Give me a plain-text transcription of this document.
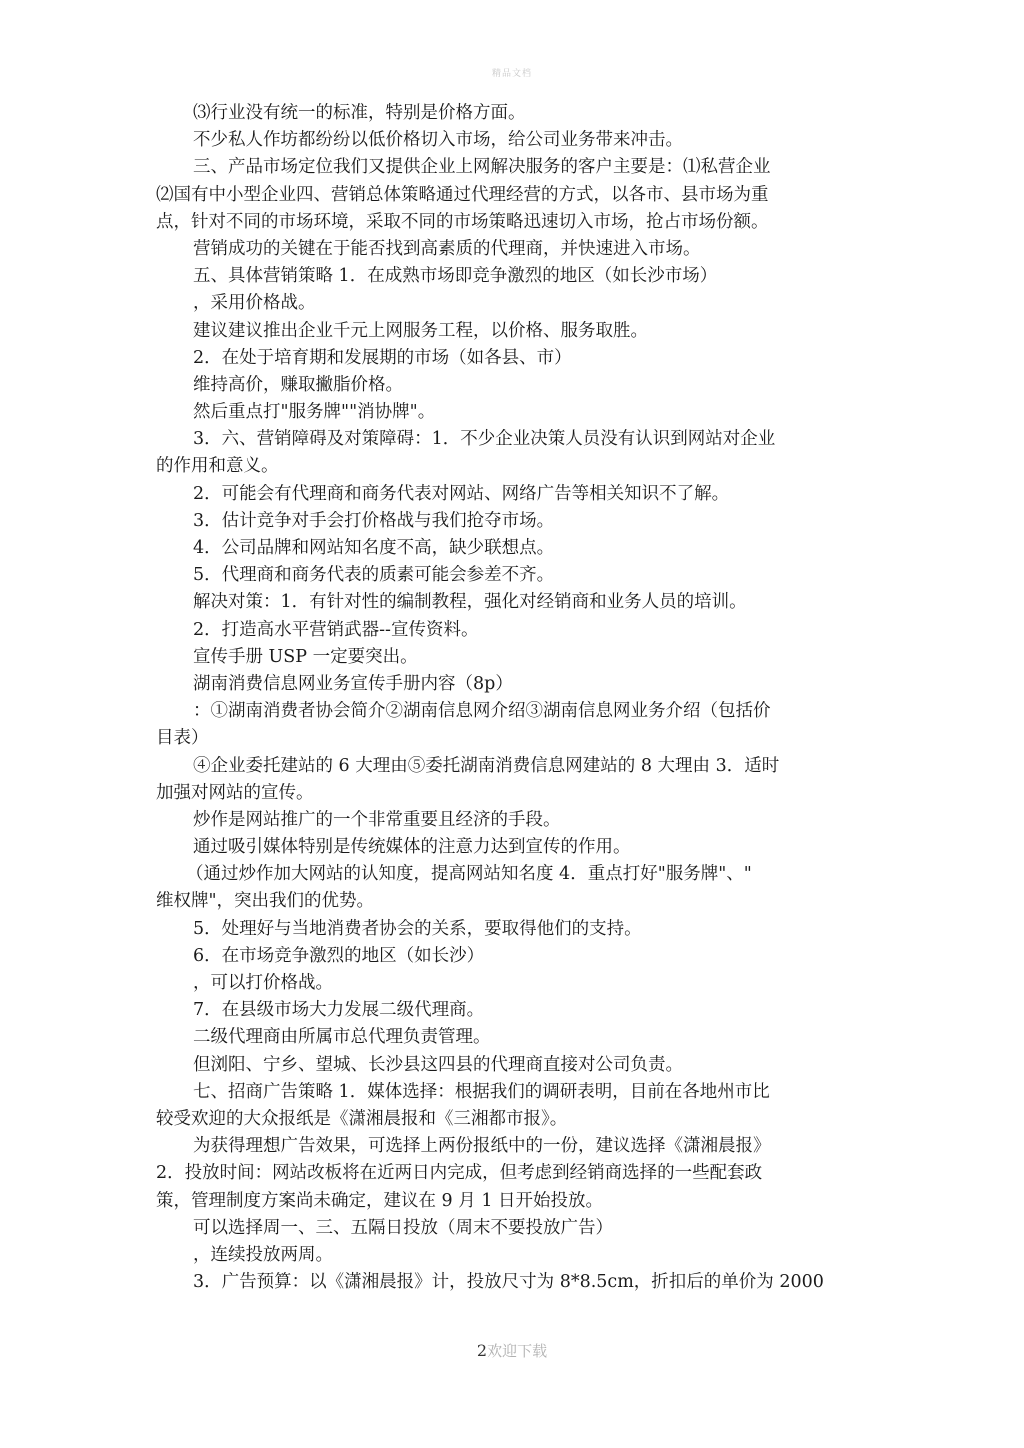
精品文档
⑶行业没有统一的标准，特别是价格方面。
不少私人作坊都纷纷以低价格切入市场，给公司业务带来冲击。
三、产品市场定位我们又提供企业上网解决服务的客户主要是：⑴私营企业
⑵国有中小型企业四、营销总体策略通过代理经营的方式，以各市、县市场为重
点，针对不同的市场环境，采取不同的市场策略迅速切入市场，抢占市场份额。
营销成功的关键在于能否找到高素质的代理商，并快速进入市场。
五、具体营销策略 1．在成熟市场即竞争激烈的地区（如长沙市场）
，采用价格战。
建议建议推出企业千元上网服务工程，以价格、服务取胜。
2．在处于培育期和发展期的市场（如各县、市）
维持高价，赚取撇脂价格。
然后重点打"服务牌""消协牌"。
3．六、营销障碍及对策障碍：1．不少企业决策人员没有认识到网站对企业
的作用和意义。
2．可能会有代理商和商务代表对网站、网络广告等相关知识不了解。
3．估计竞争对手会打价格战与我们抢夺市场。
4．公司品牌和网站知名度不高，缺少联想点。
5．代理商和商务代表的质素可能会参差不齐。
解决对策：1．有针对性的编制教程，强化对经销商和业务人员的培训。
2．打造高水平营销武器--宣传资料。
宣传手册 USP 一定要突出。
湖南消费信息网业务宣传手册内容（8p）
：①湖南消费者协会简介②湖南信息网介绍③湖南信息网业务介绍（包括价
目表）
④企业委托建站的 6 大理由⑤委托湖南消费信息网建站的 8 大理由 3．适时
加强对网站的宣传。
炒作是网站推广的一个非常重要且经济的手段。
通过吸引媒体特别是传统媒体的注意力达到宣传的作用。
（通过炒作加大网站的认知度，提高网站知名度 4．重点打好"服务牌"、"
维权牌"，突出我们的优势。
5．处理好与当地消费者协会的关系，要取得他们的支持。
6．在市场竞争激烈的地区（如长沙）
，可以打价格战。
7．在县级市场大力发展二级代理商。
二级代理商由所属市总代理负责管理。
但浏阳、宁乡、望城、长沙县这四县的代理商直接对公司负责。
七、招商广告策略 1．媒体选择：根据我们的调研表明，目前在各地州市比
较受欢迎的大众报纸是《潇湘晨报和《三湘都市报》。
为获得理想广告效果，可选择上两份报纸中的一份，建议选择《潇湘晨报》
2．投放时间：网站改板将在近两日内完成，但考虑到经销商选择的一些配套政
策，管理制度方案尚未确定，建议在 9 月 1 日开始投放。
可以选择周一、三、五隔日投放（周末不要投放广告）
，连续投放两周。
3．广告预算：以《潇湘晨报》计，投放尺寸为 8*8.5cm，折扣后的单价为 2000
2欢迎下载
